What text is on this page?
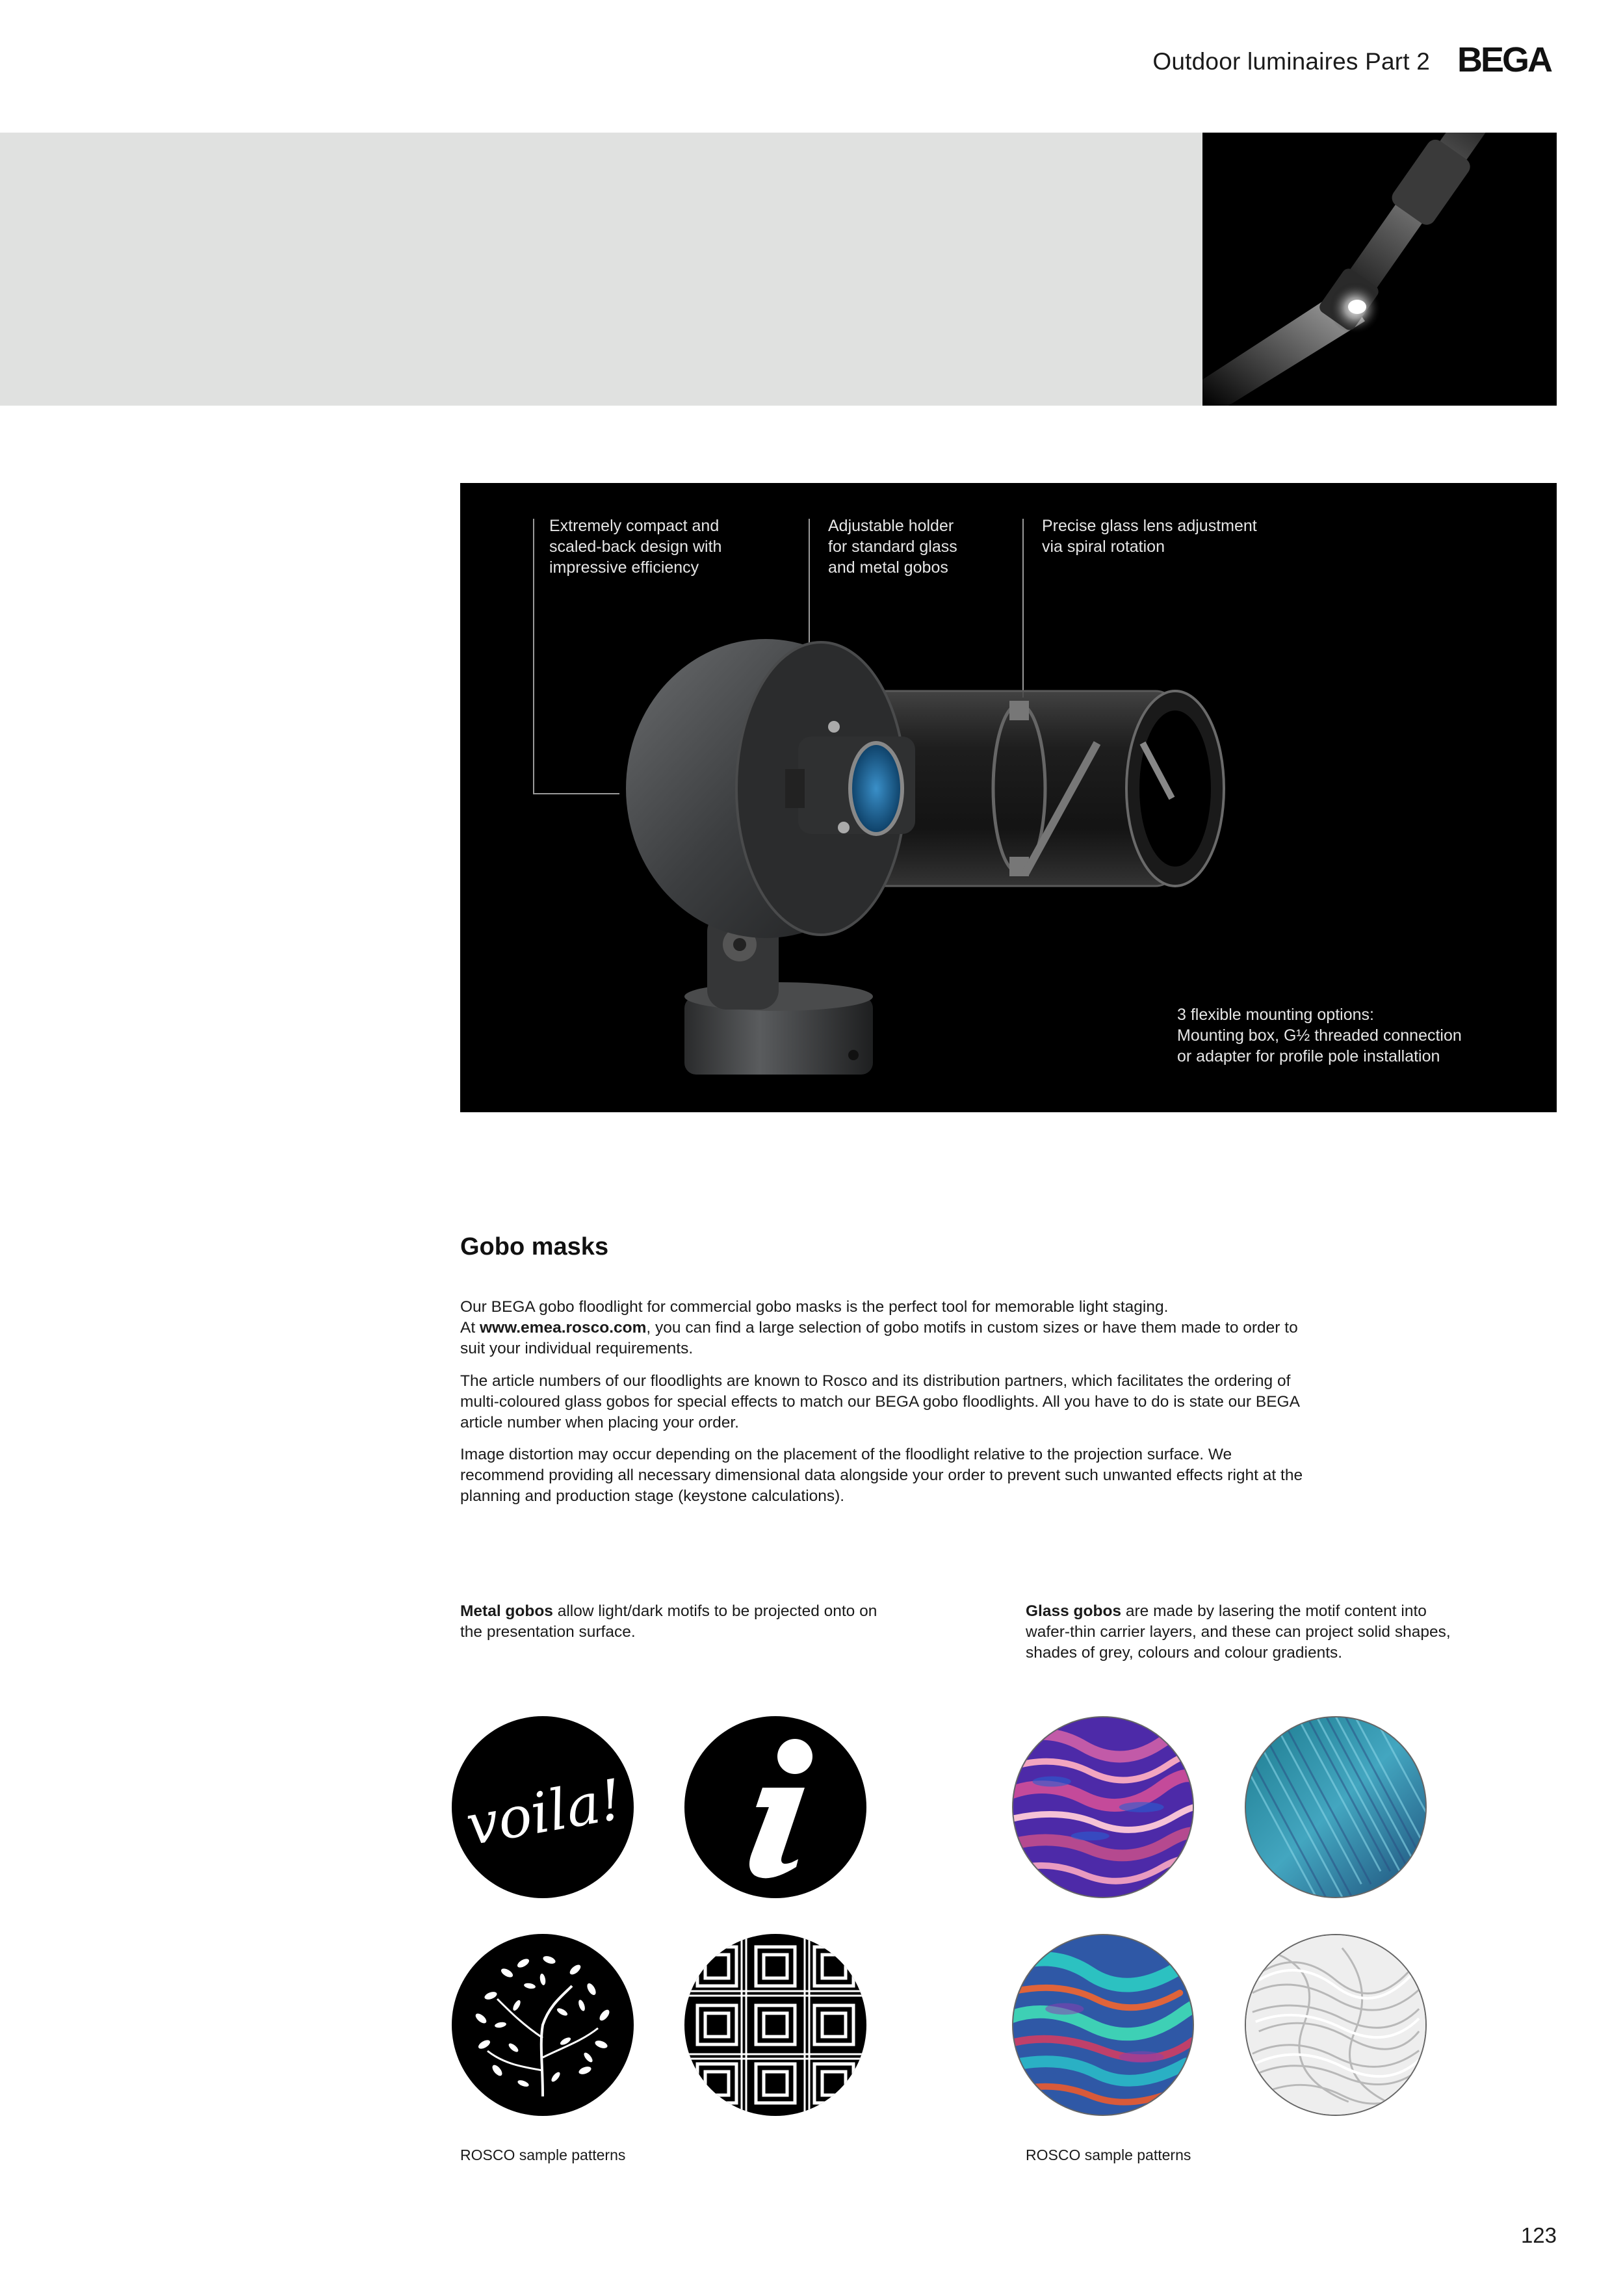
Outdoor luminaires Part 2 BEGA
Extremely compact and
scaled-back design with
impressive efficiency
Adjustable holder
for standard glass
and metal gobos
Precise glass lens adjustment
via spiral rotation
3 flexible mounting options:
Mounting box, G½ threaded connection
or adapter for profile pole installation
Gobo masks
Our BEGA gobo floodlight for commercial gobo masks is the perfect tool for memorable light staging.
At www.emea.rosco.com, you can find a large selection of gobo motifs in custom sizes or have them made to order to suit your individual requirements.
The article numbers of our floodlights are known to Rosco and its distribution partners, which facilitates the ordering of multi-coloured glass gobos for special effects to match our BEGA gobo floodlights. All you have to do is state our BEGA article number when placing your order.
Image distortion may occur depending on the placement of the floodlight relative to the projection surface. We recommend providing all necessary dimensional data alongside your order to prevent such unwanted effects right at the planning and production stage (keystone calculations).
Metal gobos allow light/dark motifs to be projected onto on the presentation surface.
Glass gobos are made by lasering the motif content into wafer-thin carrier layers, and these can project solid shapes, shades of grey, colours and colour gradients.
voila!
ROSCO sample patterns	ROSCO sample patterns
123
